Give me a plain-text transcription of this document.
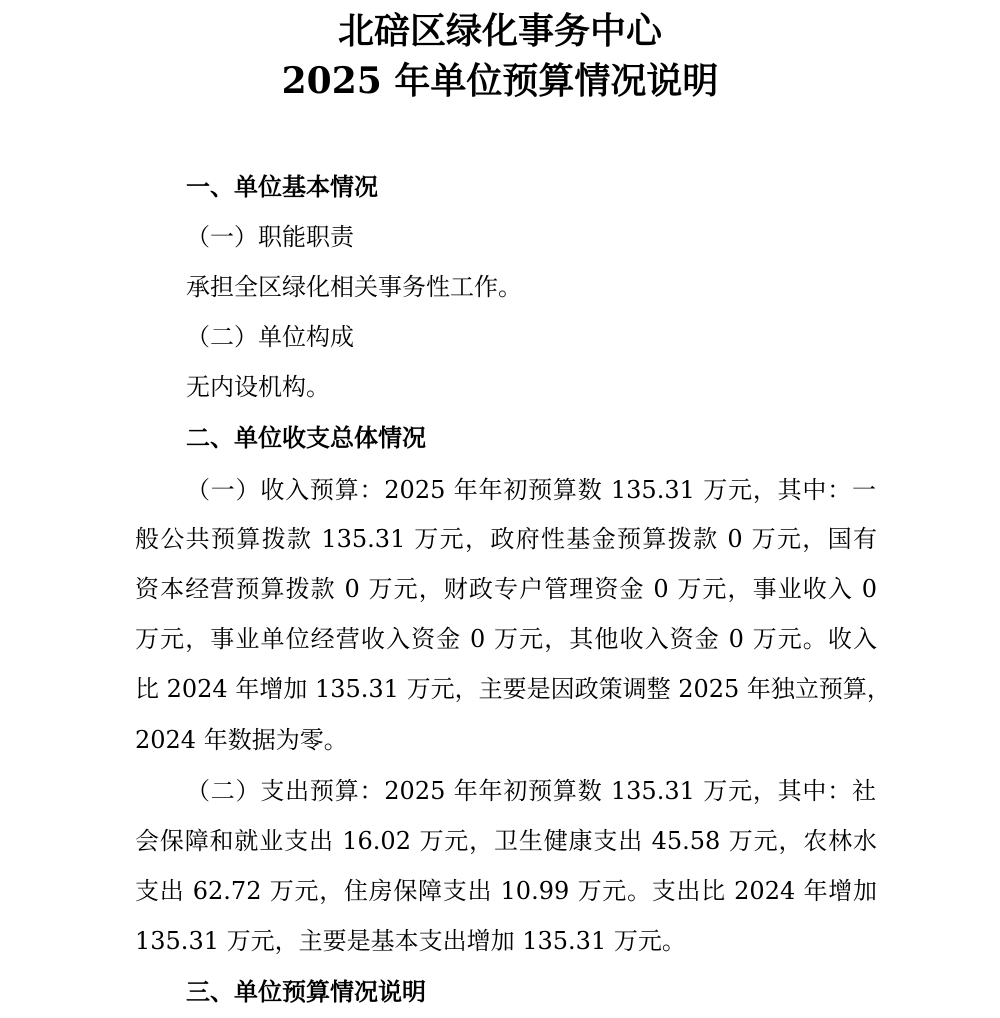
北碚区绿化事务中心
2025 年单位预算情况说明
一、单位基本情况
（一）职能职责
承担全区绿化相关事务性工作。
（二）单位构成
无内设机构。
二、单位收支总体情况
（一）收入预算：2025 年年初预算数 135.31 万元，其中：一
般公共预算拨款 135.31 万元，政府性基金预算拨款 0 万元，国有
资本经营预算拨款 0 万元，财政专户管理资金 0 万元，事业收入 0
万元，事业单位经营收入资金 0 万元，其他收入资金 0 万元。收入
比 2024 年增加 135.31 万元，主要是因政策调整 2025 年独立预算，
2024 年数据为零。
（二）支出预算：2025 年年初预算数 135.31 万元，其中：社
会保障和就业支出 16.02 万元，卫生健康支出 45.58 万元，农林水
支出 62.72 万元，住房保障支出 10.99 万元。支出比 2024 年增加
135.31 万元，主要是基本支出增加 135.31 万元。
三、单位预算情况说明
